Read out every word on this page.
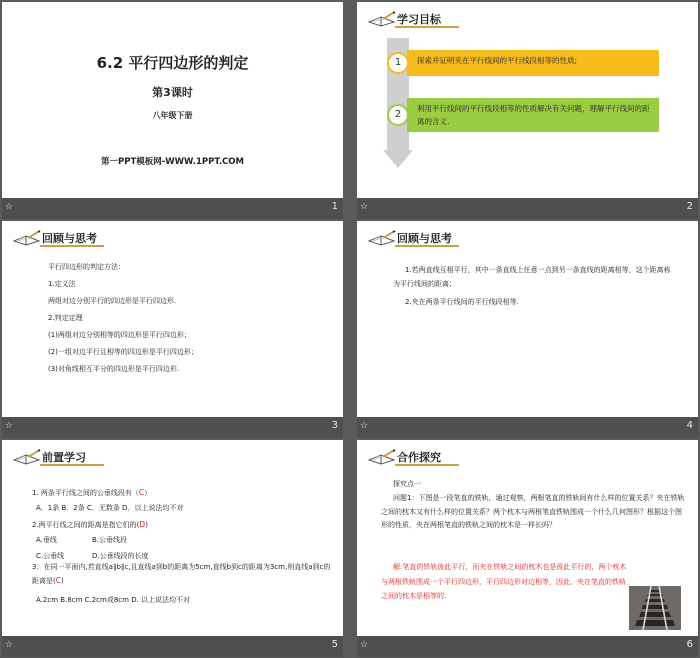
6.2 平行四边形的判定
第3课时
八年级下册
第一PPT模板网-WWW.1PPT.COM
☆	1
学习目标
探索并证明夹在平行线间的平行线段相等的性质;
1
利用平行线间的平行线段相等的性质解决有关问题，理解平行线间的距离的含义.
2
☆	2
回顾与思考
平行四边形的判定方法：
1.定义法
两组对边分别平行的四边形是平行四边形.
2.判定定理
(1)两组对边分别相等的四边形是平行四边形；
(2)一组对边平行且相等的四边形是平行四边形；
(3)对角线相互平分的四边形是平行四边形.
☆	3
回顾与思考
1.若两直线互相平行，其中一条直线上任意一点到另一条直线的距离相等，这个距离称为平行线间的距离；
2.夹在两条平行线间的平行线段相等.
☆	4
前置学习
1. 两条平行线之间的公垂线段有（C）
A．1条 B．2条 C．无数条 D．以上说法均不对
2.两平行线之间的距离是指它们的(D)
A.垂线	B.公垂线段
C.公垂线	D.公垂线段的长度
3．在同一平面内,若直线a∥b∥c,且直线a到b的距离为5cm,直线b到c的距离为3cm,则直线a到c的距离是(C)
A.2cm B.8cm C.2cm或8cm D. 以上说法均不对
☆	5
合作探究
探究点一
问题1：下图是一段笔直的铁轨，通过观察，两根笔直的铁轨间有什么样的位置关系？夹在铁轨之间的枕木又有什么样的位置关系？两个枕木与两根笔直铁轨围成一个什么几何图形？根据这个图形的性质，夹在两根笔直的铁轨之间的枕木是一样长吗？
解:笔直的铁轨彼此平行，而夹在铁轨之间的枕木也是彼此平行的，两个枕木与两根铁轨围成一个平行四边形，平行四边形对边相等，因此，夹在笔直的铁轨之间的枕木是相等的.
☆	6
